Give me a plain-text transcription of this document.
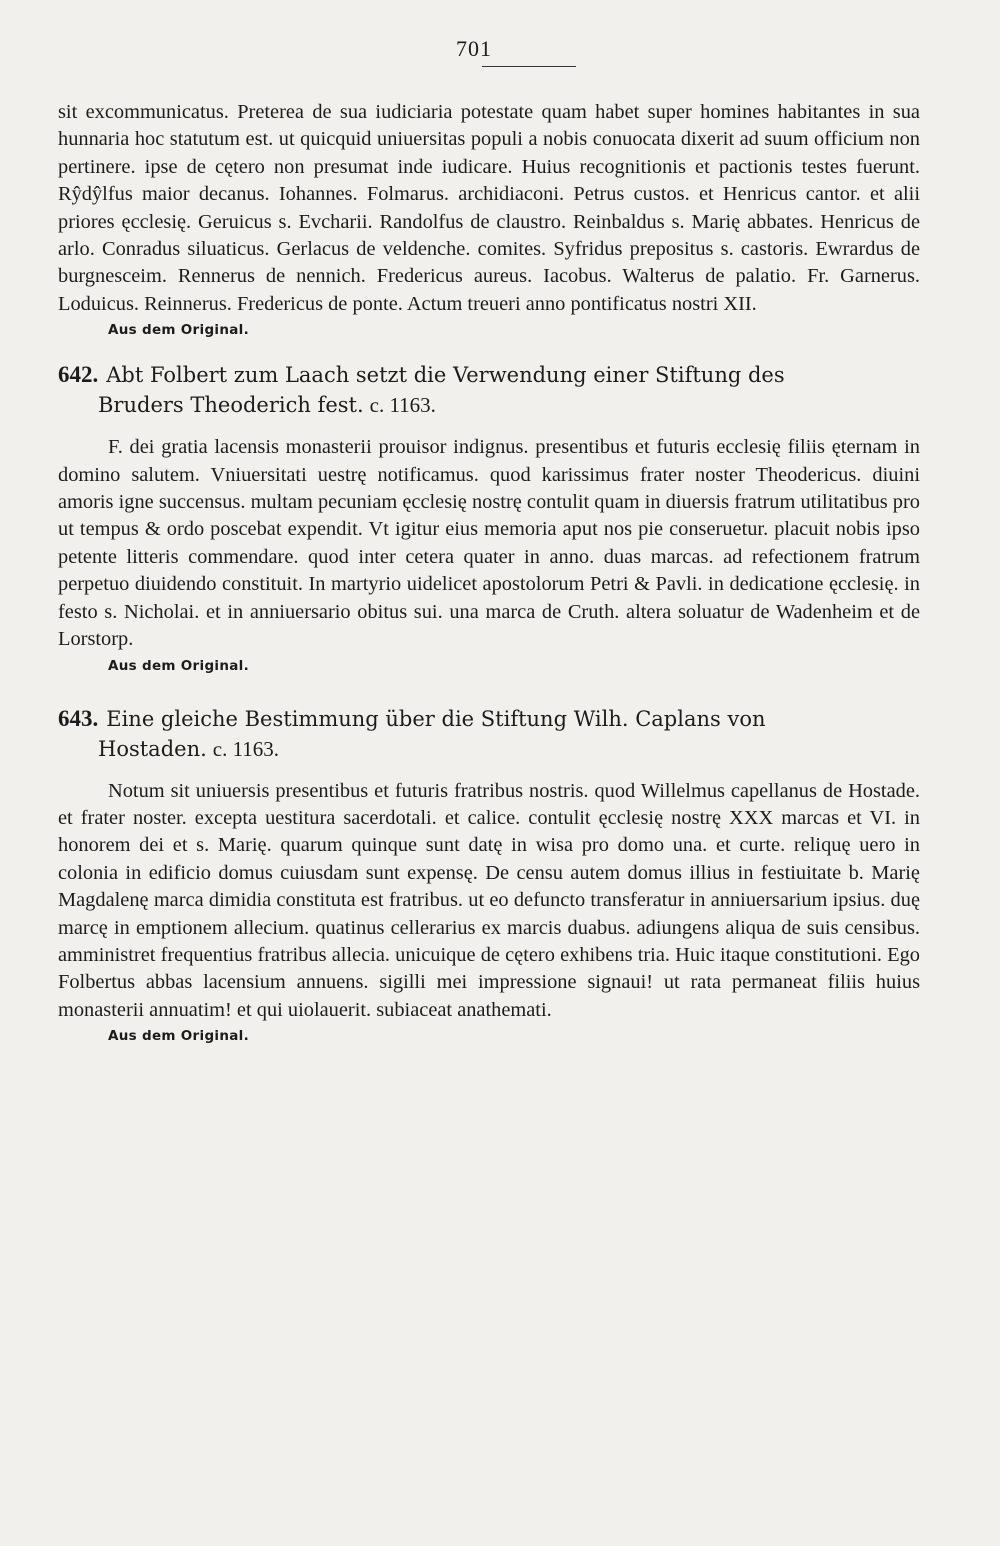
701

sit excommunicatus. Preterea de sua iudiciaria potestate quam habet super homines habitantes in sua hunnaria hoc statutum est. ut quicquid uniuersitas populi a nobis conuocata dixerit ad suum officium non pertinere. ipse de cętero non presumat inde iudicare. Huius recognitionis et pactionis testes fuerunt. Rŷdŷlfus maior decanus. Iohannes. Folmarus. archidiaconi. Petrus custos. et Henricus cantor. et alii priores ęcclesię. Geruicus s. Evcharii. Randolfus de claustro. Reinbaldus s. Marię abbates. Henricus de arlo. Conradus siluaticus. Gerlacus de veldenche. comites. Syfridus prepositus s. castoris. Ewrardus de burgnesceim. Rennerus de nennich. Fredericus aureus. Iacobus. Walterus de palatio. Fr. Garnerus. Loduicus. Reinnerus. Fredericus de ponte. Actum treueri anno pontificatus nostri XII.

Aus dem Original.
642. Abt Folbert zum Laach setzt die Verwendung einer Stiftung des
Bruders Theoderich fest. c. 1163.

F. dei gratia lacensis monasterii prouisor indignus. presentibus et futuris ecclesię filiis ęternam in domino salutem. Vniuersitati uestrę notificamus. quod karissimus frater noster Theodericus. diuini amoris igne succensus. multam pecuniam ęcclesię nostrę contulit quam in diuersis fratrum utilitatibus pro ut tempus & ordo poscebat expendit. Vt igitur eius memoria aput nos pie conseruetur. placuit nobis ipso petente litteris commendare. quod inter cetera quater in anno. duas marcas. ad refectionem fratrum perpetuo diuidendo constituit. In martyrio uidelicet apostolorum Petri & Pavli. in dedicatione ęcclesię. in festo s. Nicholai. et in anniuersario obitus sui. una marca de Cruth. altera soluatur de Wadenheim et de Lorstorp.

Aus dem Original.
643. Eine gleiche Bestimmung über die Stiftung Wilh. Caplans von
Hostaden. c. 1163.

Notum sit uniuersis presentibus et futuris fratribus nostris. quod Willelmus capellanus de Hostade. et frater noster. excepta uestitura sacerdotali. et calice. contulit ęcclesię nostrę XXX marcas et VI. in honorem dei et s. Marię. quarum quinque sunt datę in wisa pro domo una. et curte. reliquę uero in colonia in edificio domus cuiusdam sunt expensę. De censu autem domus illius in festiuitate b. Marię Magdalenę marca dimidia constituta est fratribus. ut eo defuncto transferatur in anniuersarium ipsius. duę marcę in emptionem allecium. quatinus cellerarius ex marcis duabus. adiungens aliqua de suis censibus. amministret frequentius fratribus allecia. unicuique de cętero exhibens tria. Huic itaque constitutioni. Ego Folbertus abbas lacensium annuens. sigilli mei impressione signaui! ut rata permaneat filiis huius monasterii annuatim! et qui uiolauerit. subiaceat anathemati.

Aus dem Original.
